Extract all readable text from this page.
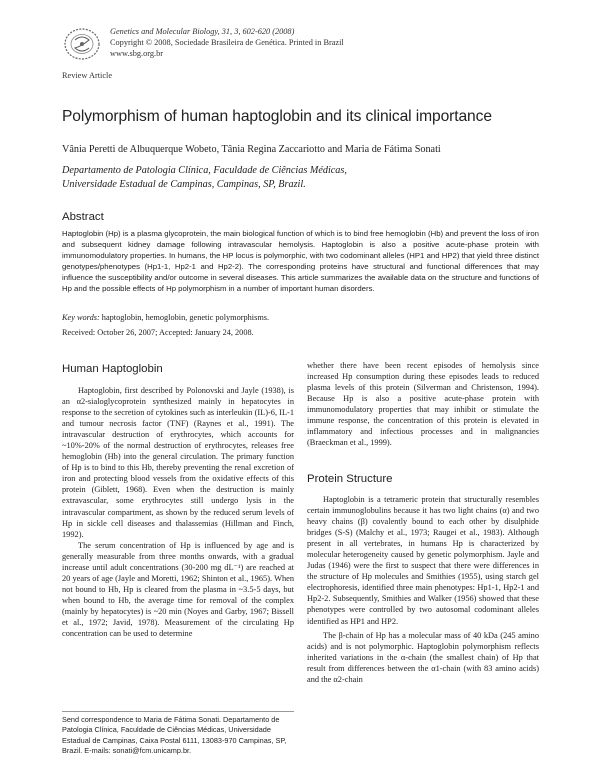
Genetics and Molecular Biology, 31, 3, 602-620 (2008)
Copyright © 2008, Sociedade Brasileira de Genética. Printed in Brazil
www.sbg.org.br
Review Article
Polymorphism of human haptoglobin and its clinical importance
Vânia Peretti de Albuquerque Wobeto, Tânia Regina Zaccariotto and Maria de Fátima Sonati
Departamento de Patologia Clínica, Faculdade de Ciências Médicas,
Universidade Estadual de Campinas, Campinas, SP, Brazil.
Abstract
Haptoglobin (Hp) is a plasma glycoprotein, the main biological function of which is to bind free hemoglobin (Hb) and prevent the loss of iron and subsequent kidney damage following intravascular hemolysis. Haptoglobin is also a positive acute-phase protein with immunomodulatory properties. In humans, the HP locus is polymorphic, with two codominant alleles (HP1 and HP2) that yield three distinct genotypes/phenotypes (Hp1-1, Hp2-1 and Hp2-2). The corresponding proteins have structural and functional differences that may influence the susceptibility and/or outcome in several diseases. This article summarizes the available data on the structure and functions of Hp and the possible effects of Hp polymorphism in a number of important human disorders.
Key words: haptoglobin, hemoglobin, genetic polymorphisms.
Received: October 26, 2007; Accepted: January 24, 2008.
Human Haptoglobin

Haptoglobin, first described by Polonovski and Jayle (1938), is an α2-sialoglycoprotein synthesized mainly in hepatocytes in response to the secretion of cytokines such as interleukin (IL)-6, IL-1 and tumour necrosis factor (TNF) (Raynes et al., 1991). The intravascular destruction of erythrocytes, which accounts for ~10%-20% of the normal destruction of erythrocytes, releases free hemoglobin (Hb) into the general circulation. The primary function of Hp is to bind to this Hb, thereby preventing the renal excretion of iron and protecting blood vessels from the oxidative effects of this protein (Giblett, 1968). Even when the destruction is mainly extravascular, some erythrocytes still undergo lysis in the intravascular compartment, as shown by the reduced serum levels of Hp in sickle cell diseases and thalassemias (Hillman and Finch, 1992).

The serum concentration of Hp is influenced by age and is generally measurable from three months onwards, with a gradual increase until adult concentrations (30-200 mg dL⁻¹) are reached at 20 years of age (Jayle and Moretti, 1962; Shinton et al., 1965). When not bound to Hb, Hp is cleared from the plasma in ~3.5-5 days, but when bound to Hb, the average time for removal of the complex (mainly by hepatocytes) is ~20 min (Noyes and Garby, 1967; Bissell et al., 1972; Javid, 1978). Measurement of the circulating Hp concentration can be used to determine

Send correspondence to Maria de Fátima Sonati. Departamento de Patologia Clínica, Faculdade de Ciências Médicas, Universidade Estadual de Campinas, Caixa Postal 6111, 13083-970 Campinas, SP, Brazil. E-mails: sonati@fcm.unicamp.br.

whether there have been recent episodes of hemolysis since increased Hp consumption during these episodes leads to reduced plasma levels of this protein (Silverman and Christenson, 1994). Because Hp is also a positive acute-phase protein with immunomodulatory properties that may inhibit or stimulate the immune response, the concentration of this protein is elevated in inflammatory and infectious processes and in malignancies (Braeckman et al., 1999).

Protein Structure

Haptoglobin is a tetrameric protein that structurally resembles certain immunoglobulins because it has two light chains (α) and two heavy chains (β) covalently bound to each other by disulphide bridges (S-S) (Malchy et al., 1973; Raugei et al., 1983). Although present in all vertebrates, in humans Hp is characterized by molecular heterogeneity caused by genetic polymorphism. Jayle and Judas (1946) were the first to suspect that there were differences in the structure of Hp molecules and Smithies (1955), using starch gel electrophoresis, identified three main phenotypes: Hp1-1, Hp2-1 and Hp2-2. Subsequently, Smithies and Walker (1956) showed that these phenotypes were controlled by two autosomal codominant alleles identified as HP1 and HP2.

The β-chain of Hp has a molecular mass of 40 kDa (245 amino acids) and is not polymorphic. Haptoglobin polymorphism reflects inherited variations in the α-chain (the smallest chain) of Hp that result from differences between the α1-chain (with 83 amino acids) and the α2-chain
